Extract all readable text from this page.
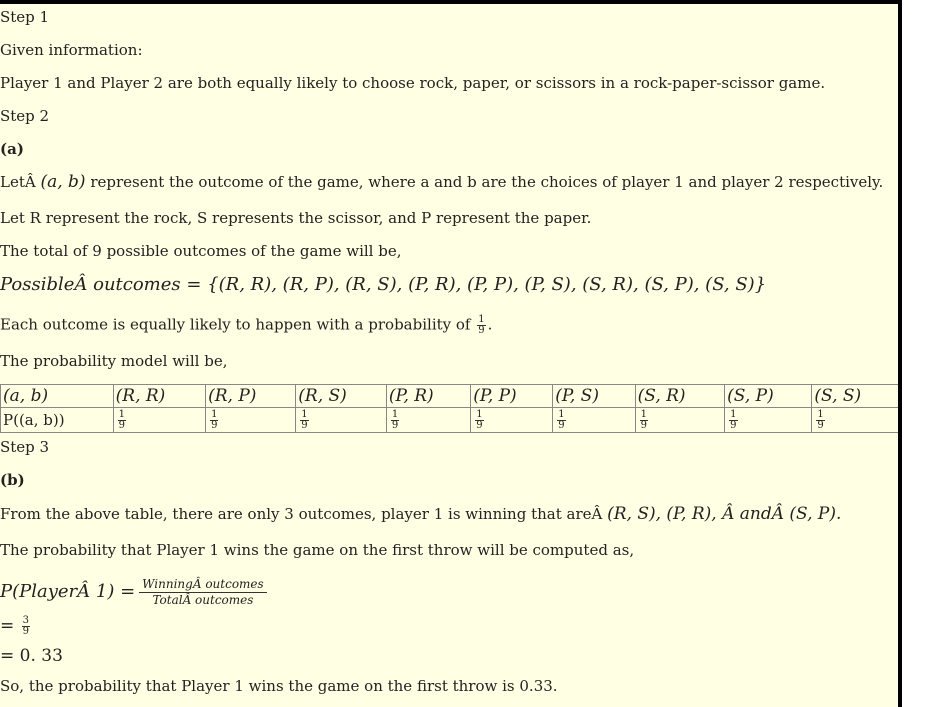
Step 1
Given information:
Player 1 and Player 2 are both equally likely to choose rock, paper, or scissors in a rock-paper-scissor game.
Step 2
(a)
LetÂ (a, b) represent the outcome of the game, where a and b are the choices of player 1 and player 2 respectively.
Let R represent the rock, S represents the scissor, and P represent the paper.
The total of 9 possible outcomes of the game will be,
PossibleÂ outcomes = {(R, R), (R, P), (R, S), (P, R), (P, P), (P, S), (S, R), (S, P), (S, S)}
Each outcome is equally likely to happen with a probability of $\frac{1}{9}$ .
The probability model will be,
(a, b)	(R, R)	(R, P)	(R, S)	(P, R)	(P, P)	(P, S)	(S, R)	(S, P)	(S, S)
P((a, b))	$\frac{1}{9}$	$\frac{1}{9}$	$\frac{1}{9}$	$\frac{1}{9}$	$\frac{1}{9}$	$\frac{1}{9}$	$\frac{1}{9}$	$\frac{1}{9}$	$\frac{1}{9}$
Step 3
(b)
From the above table, there are only 3 outcomes, player 1 is winning that areÂ (R, S), (P, R), Â andÂ (S, P).
The probability that Player 1 wins the game on the first throw will be computed as,
P(PlayerÂ $1) = \frac{\text{WinningÂ outcomes}}{\text{TotalÂ outcomes}}$
= $\frac{3}{9}$
= 0. 33
So, the probability that Player 1 wins the game on the first throw is 0.33.
